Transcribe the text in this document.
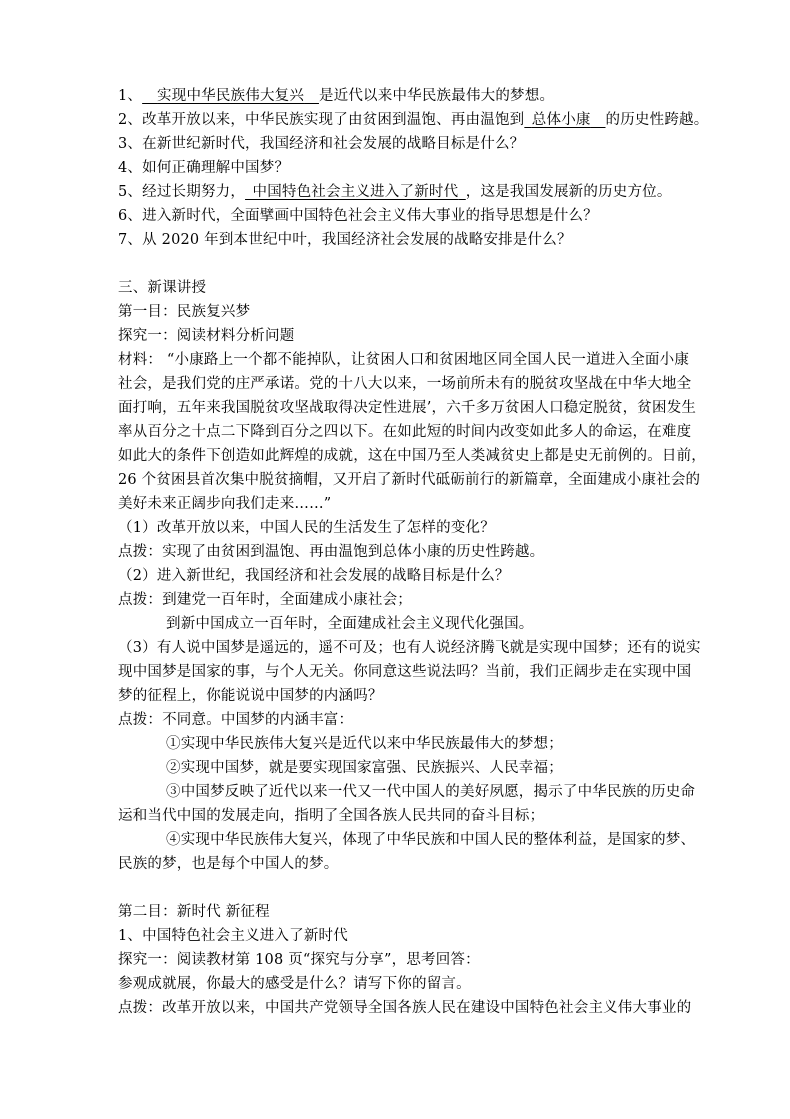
1、   实现中华民族伟大复兴   是近代以来中华民族最伟大的梦想。
2、改革开放以来，中华民族实现了由贫困到温饱、再由温饱到  总体小康   的历史性跨越。
3、在新世纪新时代，我国经济和社会发展的战略目标是什么？
4、如何正确理解中国梦？
5、经过长期努力，  中国特色社会主义进入了新时代  ，这是我国发展新的历史方位。
6、进入新时代，全面擘画中国特色社会主义伟大事业的指导思想是什么？
7、从 2020 年到本世纪中叶，我国经济社会发展的战略安排是什么？
三、新课讲授
第一目：民族复兴梦
探究一：阅读材料分析问题
材料： “小康路上一个都不能掉队，让贫困人口和贫困地区同全国人民一道进入全面小康
社会，是我们党的庄严承诺。党的十八大以来，一场前所未有的脱贫攻坚战在中华大地全
面打响，五年来我国脱贫攻坚战取得决定性进展’，六千多万贫困人口稳定脱贫，贫困发生
率从百分之十点二下降到百分之四以下。在如此短的时间内改变如此多人的命运，在难度
如此大的条件下创造如此辉煌的成就，这在中国乃至人类减贫史上都是史无前例的。日前，
26 个贫困县首次集中脱贫摘帽，又开启了新时代砥砺前行的新篇章，全面建成小康社会的
美好未来正阔步向我们走来……”
（1）改革开放以来，中国人民的生活发生了怎样的变化？
点拨：实现了由贫困到温饱、再由温饱到总体小康的历史性跨越。
（2）进入新世纪，我国经济和社会发展的战略目标是什么？
点拨：到建党一百年时，全面建成小康社会；
到新中国成立一百年时，全面建成社会主义现代化强国。
（3）有人说中国梦是遥远的，遥不可及；也有人说经济腾飞就是实现中国梦；还有的说实
现中国梦是国家的事，与个人无关。你同意这些说法吗？当前，我们正阔步走在实现中国
梦的征程上，你能说说中国梦的内涵吗？
点拨：不同意。中国梦的内涵丰富：
①实现中华民族伟大复兴是近代以来中华民族最伟大的梦想；
②实现中国梦，就是要实现国家富强、民族振兴、人民幸福；
③中国梦反映了近代以来一代又一代中国人的美好夙愿，揭示了中华民族的历史命
运和当代中国的发展走向，指明了全国各族人民共同的奋斗目标；
④实现中华民族伟大复兴，体现了中华民族和中国人民的整体利益，是国家的梦、
民族的梦，也是每个中国人的梦。
第二目：新时代 新征程
1、中国特色社会主义进入了新时代
探究一：阅读教材第 108 页“探究与分享”，思考回答：
参观成就展，你最大的感受是什么？请写下你的留言。
点拨：改革开放以来，中国共产党领导全国各族人民在建设中国特色社会主义伟大事业的
